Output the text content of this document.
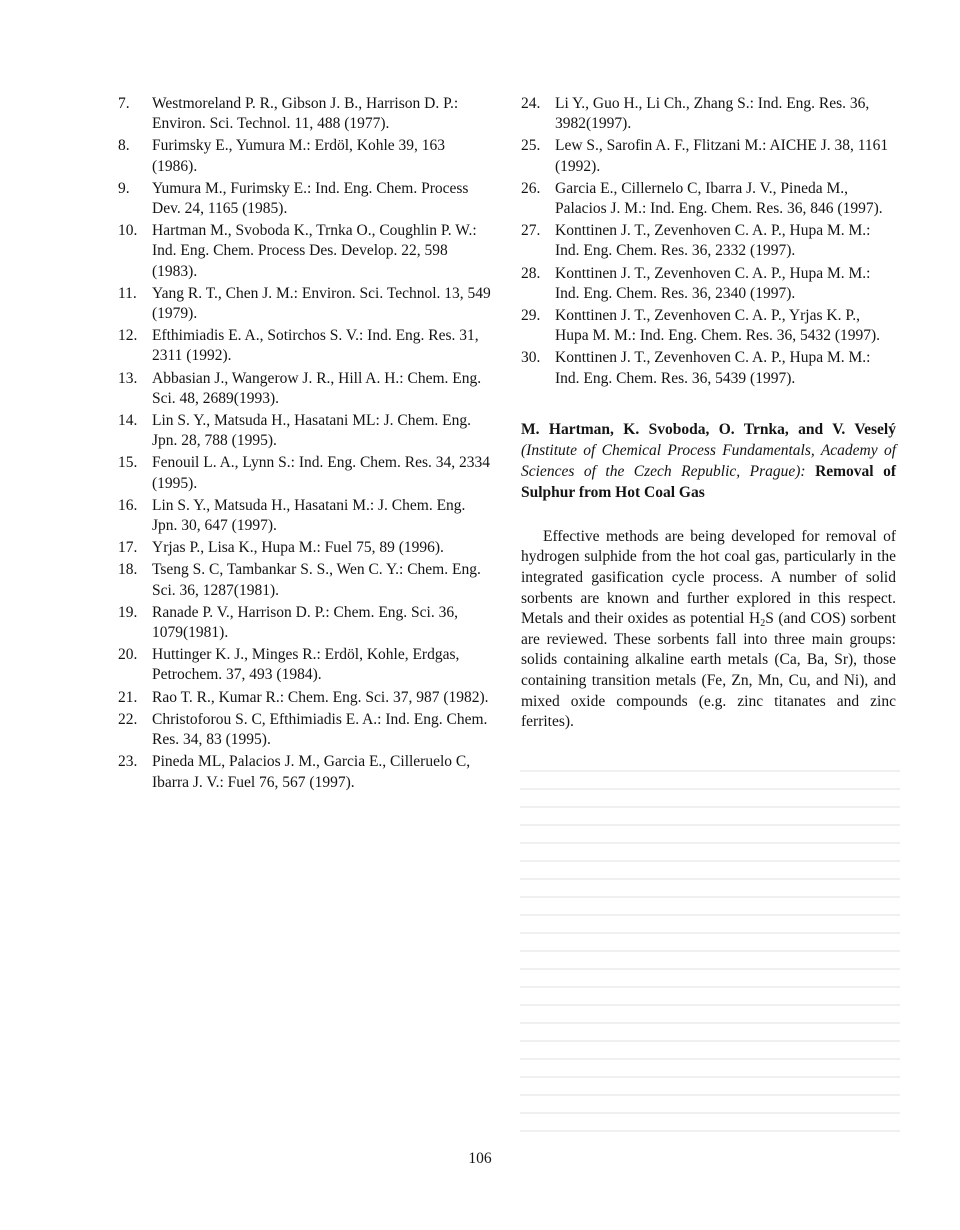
7.	Westmoreland P. R., Gibson J. B., Harrison D. P.: Environ. Sci. Technol. 11, 488 (1977).
8.	Furimsky E., Yumura M.: Erdöl, Kohle 39, 163 (1986).
9.	Yumura M., Furimsky E.: Ind. Eng. Chem. Process Dev. 24, 1165 (1985).
10. Hartman M., Svoboda K., Trnka O., Coughlin P. W.: Ind. Eng. Chem. Process Des. Develop. 22, 598 (1983).
11. Yang R. T., Chen J. M.: Environ. Sci. Technol. 13, 549 (1979).
12. Efthimiadis E. A., Sotirchos S. V.: Ind. Eng. Res. 31, 2311 (1992).
13. Abbasian J., Wangerow J. R., Hill A. H.: Chem. Eng. Sci. 48, 2689(1993).
14. Lin S. Y., Matsuda H., Hasatani ML: J. Chem. Eng. Jpn. 28, 788 (1995).
15. Fenouil L. A., Lynn S.: Ind. Eng. Chem. Res. 34, 2334 (1995).
16. Lin S. Y., Matsuda H., Hasatani M.: J. Chem. Eng. Jpn. 30, 647 (1997).
17. Yrjas P., Lisa K., Hupa M.: Fuel 75, 89 (1996).
18. Tseng S. C, Tambankar S. S., Wen C. Y.: Chem. Eng. Sci. 36, 1287(1981).
19. Ranade P. V., Harrison D. P.: Chem. Eng. Sci. 36, 1079(1981).
20. Huttinger K. J., Minges R.: Erdöl, Kohle, Erdgas, Petrochem. 37, 493 (1984).
21. Rao T. R., Kumar R.: Chem. Eng. Sci. 37, 987 (1982).
22. Christoforou S. C, Efthimiadis E. A.: Ind. Eng. Chem. Res. 34, 83 (1995).
23. Pineda ML, Palacios J. M., Garcia E., Cilleruelo C, Ibarra J. V.: Fuel 76, 567 (1997).
24. Li Y., Guo H., Li Ch., Zhang S.: Ind. Eng. Res. 36, 3982(1997).
25. Lew S., Sarofin A. F., Flitzani M.: AICHE J. 38, 1161 (1992).
26. Garcia E., Cillernelo C, Ibarra J. V., Pineda M., Palacios J. M.: Ind. Eng. Chem. Res. 36, 846 (1997).
27. Konttinen J. T., Zevenhoven C. A. P., Hupa M. M.: Ind. Eng. Chem. Res. 36, 2332 (1997).
28. Konttinen J. T., Zevenhoven C. A. P., Hupa M. M.: Ind. Eng. Chem. Res. 36, 2340 (1997).
29. Konttinen J. T., Zevenhoven C. A. P., Yrjas K. P., Hupa M. M.: Ind. Eng. Chem. Res. 36, 5432 (1997).
30. Konttinen J. T., Zevenhoven C. A. P., Hupa M. M.: Ind. Eng. Chem. Res. 36, 5439 (1997).
M. Hartman, K. Svoboda, O. Trnka, and V. Veselý (Institute of Chemical Process Fundamentals, Academy of Sciences of the Czech Republic, Prague): Removal of Sulphur from Hot Coal Gas
Effective methods are being developed for removal of hydrogen sulphide from the hot coal gas, particularly in the integrated gasification cycle process. A number of solid sorbents are known and further explored in this respect. Metals and their oxides as potential $H_2S$ (and COS) sorbent are reviewed. These sorbents fall into three main groups: solids containing alkaline earth metals (Ca, Ba, Sr), those containing transition metals (Fe, Zn, Mn, Cu, and Ni), and mixed oxide compounds (e.g. zinc titanates and zinc ferrites).
106
